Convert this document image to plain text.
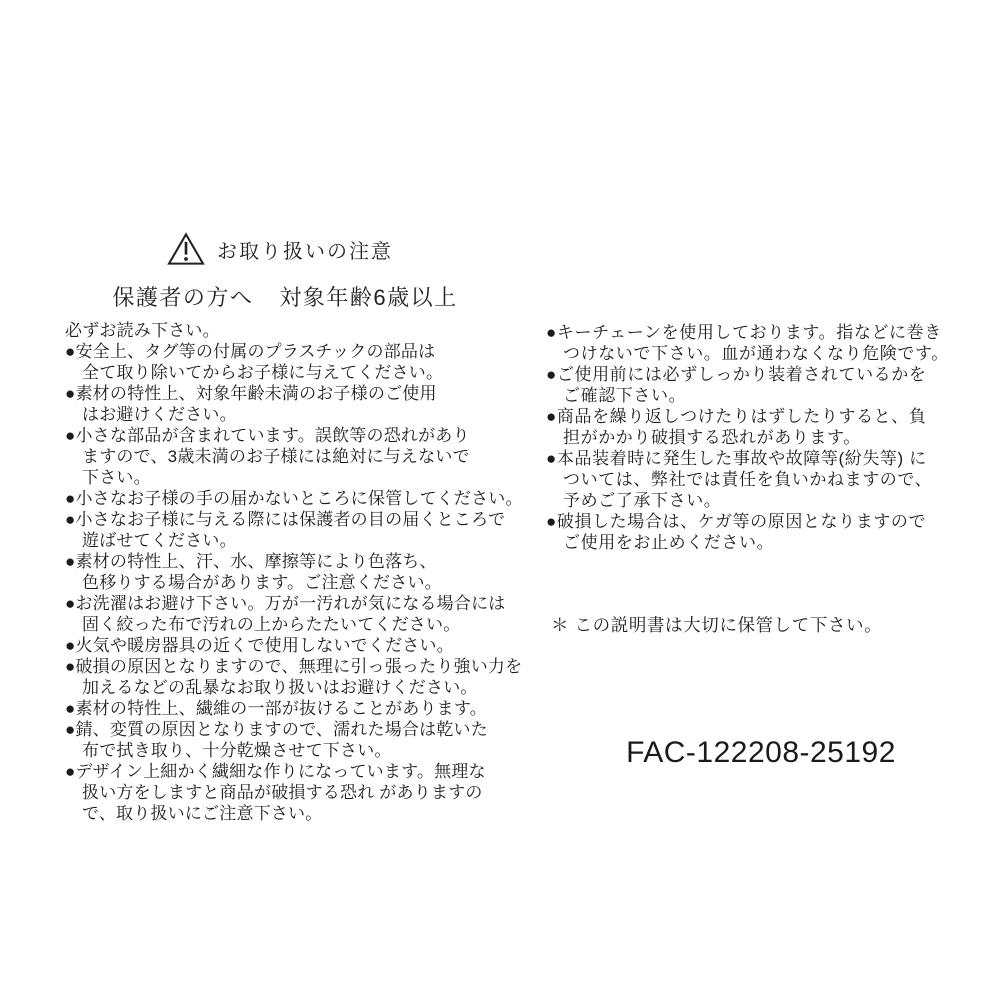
お取り扱いの注意
保護者の方へ 対象年齢6歳以上
必ずお読み下さい。
●安全上、タグ等の付属のプラスチックの部品は
全て取り除いてからお子様に与えてください。
●素材の特性上、対象年齢未満のお子様のご使用
はお避けください。
●小さな部品が含まれています。誤飲等の恐れがあり
ますので、3歳未満のお子様には絶対に与えないで
下さい。
●小さなお子様の手の届かないところに保管してください。
●小さなお子様に与える際には保護者の目の届くところで
遊ばせてください。
●素材の特性上、汗、水、摩擦等により色落ち、
色移りする場合があります。ご注意ください。
●お洗濯はお避け下さい。万が一汚れが気になる場合には
固く絞った布で汚れの上からたたいてください。
●火気や暖房器具の近くで使用しないでください。
●破損の原因となりますので、無理に引っ張ったり強い力を
加えるなどの乱暴なお取り扱いはお避けください。
●素材の特性上、繊維の一部が抜けることがあります。
●錆、変質の原因となりますので、濡れた場合は乾いた
布で拭き取り、十分乾燥させて下さい。
●デザイン上細かく繊細な作りになっています。無理な
扱い方をしますと商品が破損する恐れ がありますの
で、取り扱いにご注意下さい。
●キーチェーンを使用しております。指などに巻き
つけないで下さい。血が通わなくなり危険です。
●ご使用前には必ずしっかり装着されているかを
ご確認下さい。
●商品を繰り返しつけたりはずしたりすると、負
担がかかり破損する恐れがあります。
●本品装着時に発生した事故や故障等(紛失等) に
ついては、弊社では責任を負いかねますので、
予めご了承下さい。
●破損した場合は、ケガ等の原因となりますので
ご使用をお止めください。
＊ この説明書は大切に保管して下さい。
FAC-122208-25192
